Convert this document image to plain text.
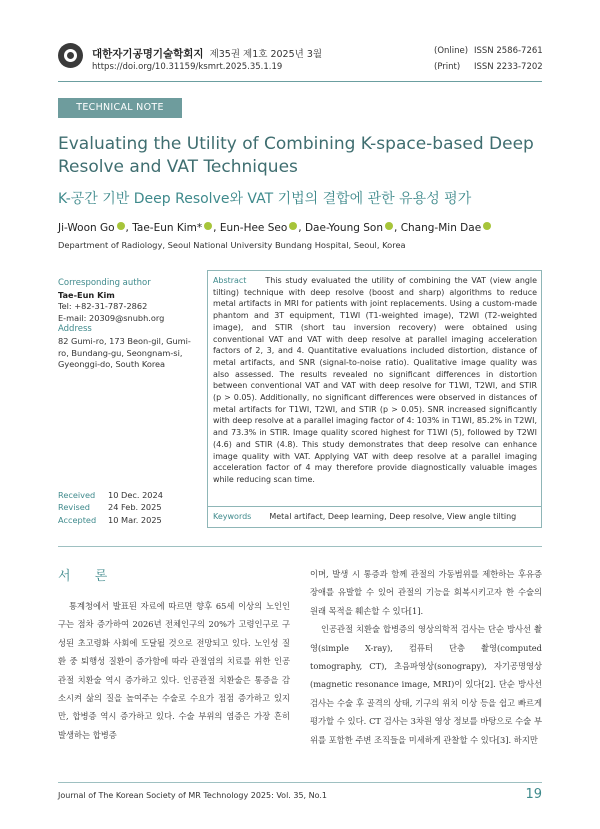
대한자기공명기술학회지 제35권 제1호 2025년 3월
https://doi.org/10.31159/ksmrt.2025.35.1.19
(Online) ISSN 2586-7261
(Print) ISSN 2233-7202
TECHNICAL NOTE
Evaluating the Utility of Combining K-space-based Deep Resolve and VAT Techniques
K-공간 기반 Deep Resolve와 VAT 기법의 결합에 관한 유용성 평가
Ji-Woon Go , Tae-Eun Kim* , Eun-Hee Seo , Dae-Young Son , Chang-Min Dae
Department of Radiology, Seoul National University Bundang Hospital, Seoul, Korea
Corresponding author
Tae-Eun Kim
Tel: +82-31-787-2862
E-mail: 20309@snubh.org
Address
82 Gumi-ro, 173 Beon-gil, Gumi-ro, Bundang-gu, Seongnam-si, Gyeonggi-do, South Korea
Received 10 Dec. 2024
Revised 24 Feb. 2025
Accepted 10 Mar. 2025
Abstract This study evaluated the utility of combining the VAT (view angle tilting) technique with deep resolve (boost and sharp) algorithms to reduce metal artifacts in MRI for patients with joint replacements. Using a custom-made phantom and 3T equipment, T1WI (T1-weighted image), T2WI (T2-weighted image), and STIR (short tau inversion recovery) were obtained using conventional VAT and VAT with deep resolve at parallel imaging acceleration factors of 2, 3, and 4. Quantitative evaluations included distortion, distance of metal artifacts, and SNR (signal-to-noise ratio). Qualitative image quality was also assessed. The results revealed no significant differences in distortion between conventional VAT and VAT with deep resolve for T1WI, T2WI, and STIR (p > 0.05). Additionally, no significant differences were observed in distances of metal artifacts for T1WI, T2WI, and STIR (p > 0.05). SNR increased significantly with deep resolve at a parallel imaging factor of 4: 103% in T1WI, 85.2% in T2WI, and 73.3% in STIR. Image quality scored highest for T1WI (5), followed by T2WI (4.6) and STIR (4.8). This study demonstrates that deep resolve can enhance image quality with VAT. Applying VAT with deep resolve at a parallel imaging acceleration factor of 4 may therefore provide diagnostically valuable images while reducing scan time.
Keywords Metal artifact, Deep learning, Deep resolve, View angle tilting
서 론

통계청에서 발표된 자료에 따르면 향후 65세 이상의 노인인구는 점차 증가하여 2026년 전체인구의 20%가 고령인구로 구성된 초고령화 사회에 도달될 것으로 전망되고 있다. 노인성 질환 중 퇴행성 질환이 증가함에 따라 관절염의 치료를 위한 인공관절 치환술 역시 증가하고 있다. 인공관절 치환술은 통증을 감소시켜 삶의 질을 높여주는 수술로 수요가 점점 증가하고 있지만, 합병증 역시 증가하고 있다. 수술 부위의 염증은 가장 흔히 발생하는 합병증

이며, 발생 시 통증과 함께 관절의 가동범위를 제한하는 후유증 장애를 유발할 수 있어 관절의 기능을 회복시키고자 한 수술의 원래 목적을 훼손할 수 있다[1].

인공관절 치환술 합병증의 영상의학적 검사는 단순 방사선 촬영(simple X-ray), 컴퓨터 단층 촬영(computed tomography, CT), 초음파영상(sonograpy), 자기공명영상(magnetic resonance image, MRI)이 있다[2]. 단순 방사선 검사는 수술 후 골격의 상태, 기구의 위치 이상 등을 쉽고 빠르게 평가할 수 있다. CT 검사는 3차원 영상 정보를 바탕으로 수술 부위를 포함한 주변 조직들을 미세하게 관찰할 수 있다[3]. 하지만

Journal of The Korean Society of MR Technology 2025: Vol. 35, No.1	19
